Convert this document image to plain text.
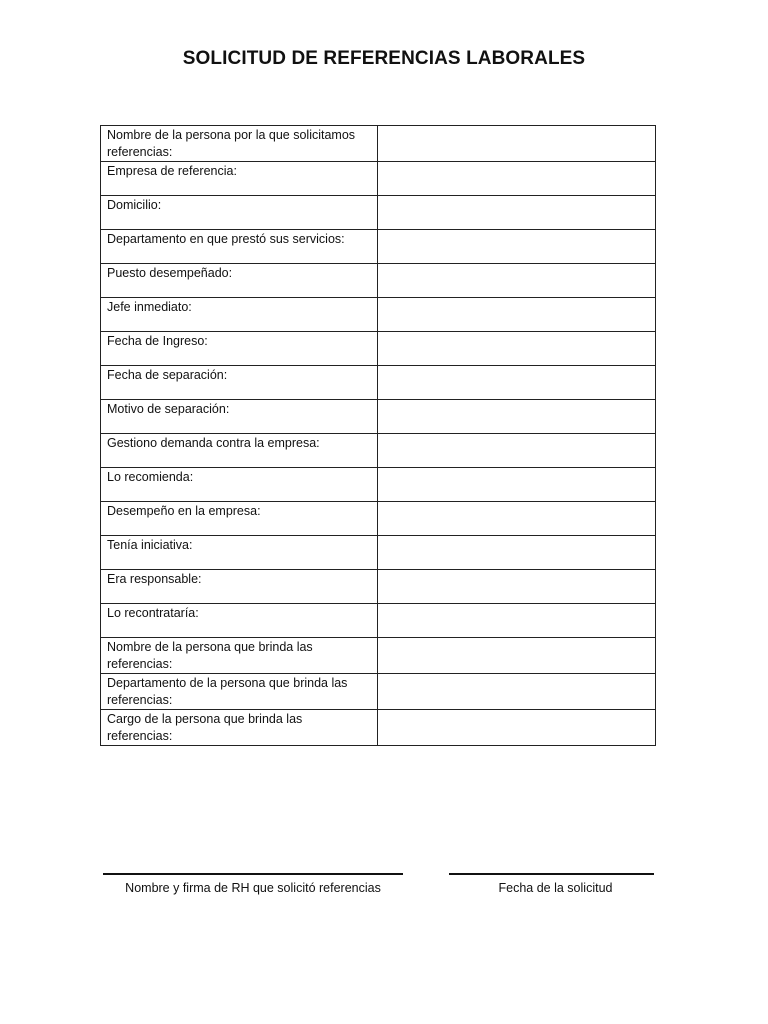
SOLICITUD DE REFERENCIAS LABORALES
Nombre de la persona por la que solicitamos referencias:	
Empresa de referencia:	
Domicilio:	
Departamento en que prestó sus servicios:	
Puesto desempeñado:	
Jefe inmediato:	
Fecha de Ingreso:	
Fecha de separación:	
Motivo de separación:	
Gestiono demanda contra la empresa:	
Lo recomienda:	
Desempeño en la empresa:	
Tenía iniciativa:	
Era responsable:	
Lo recontrataría:	
Nombre de la persona que brinda las referencias:	
Departamento de la persona que brinda las referencias:	
Cargo de la persona que brinda las referencias:	
Nombre y firma de RH que solicitó referencias	Fecha de la solicitud
